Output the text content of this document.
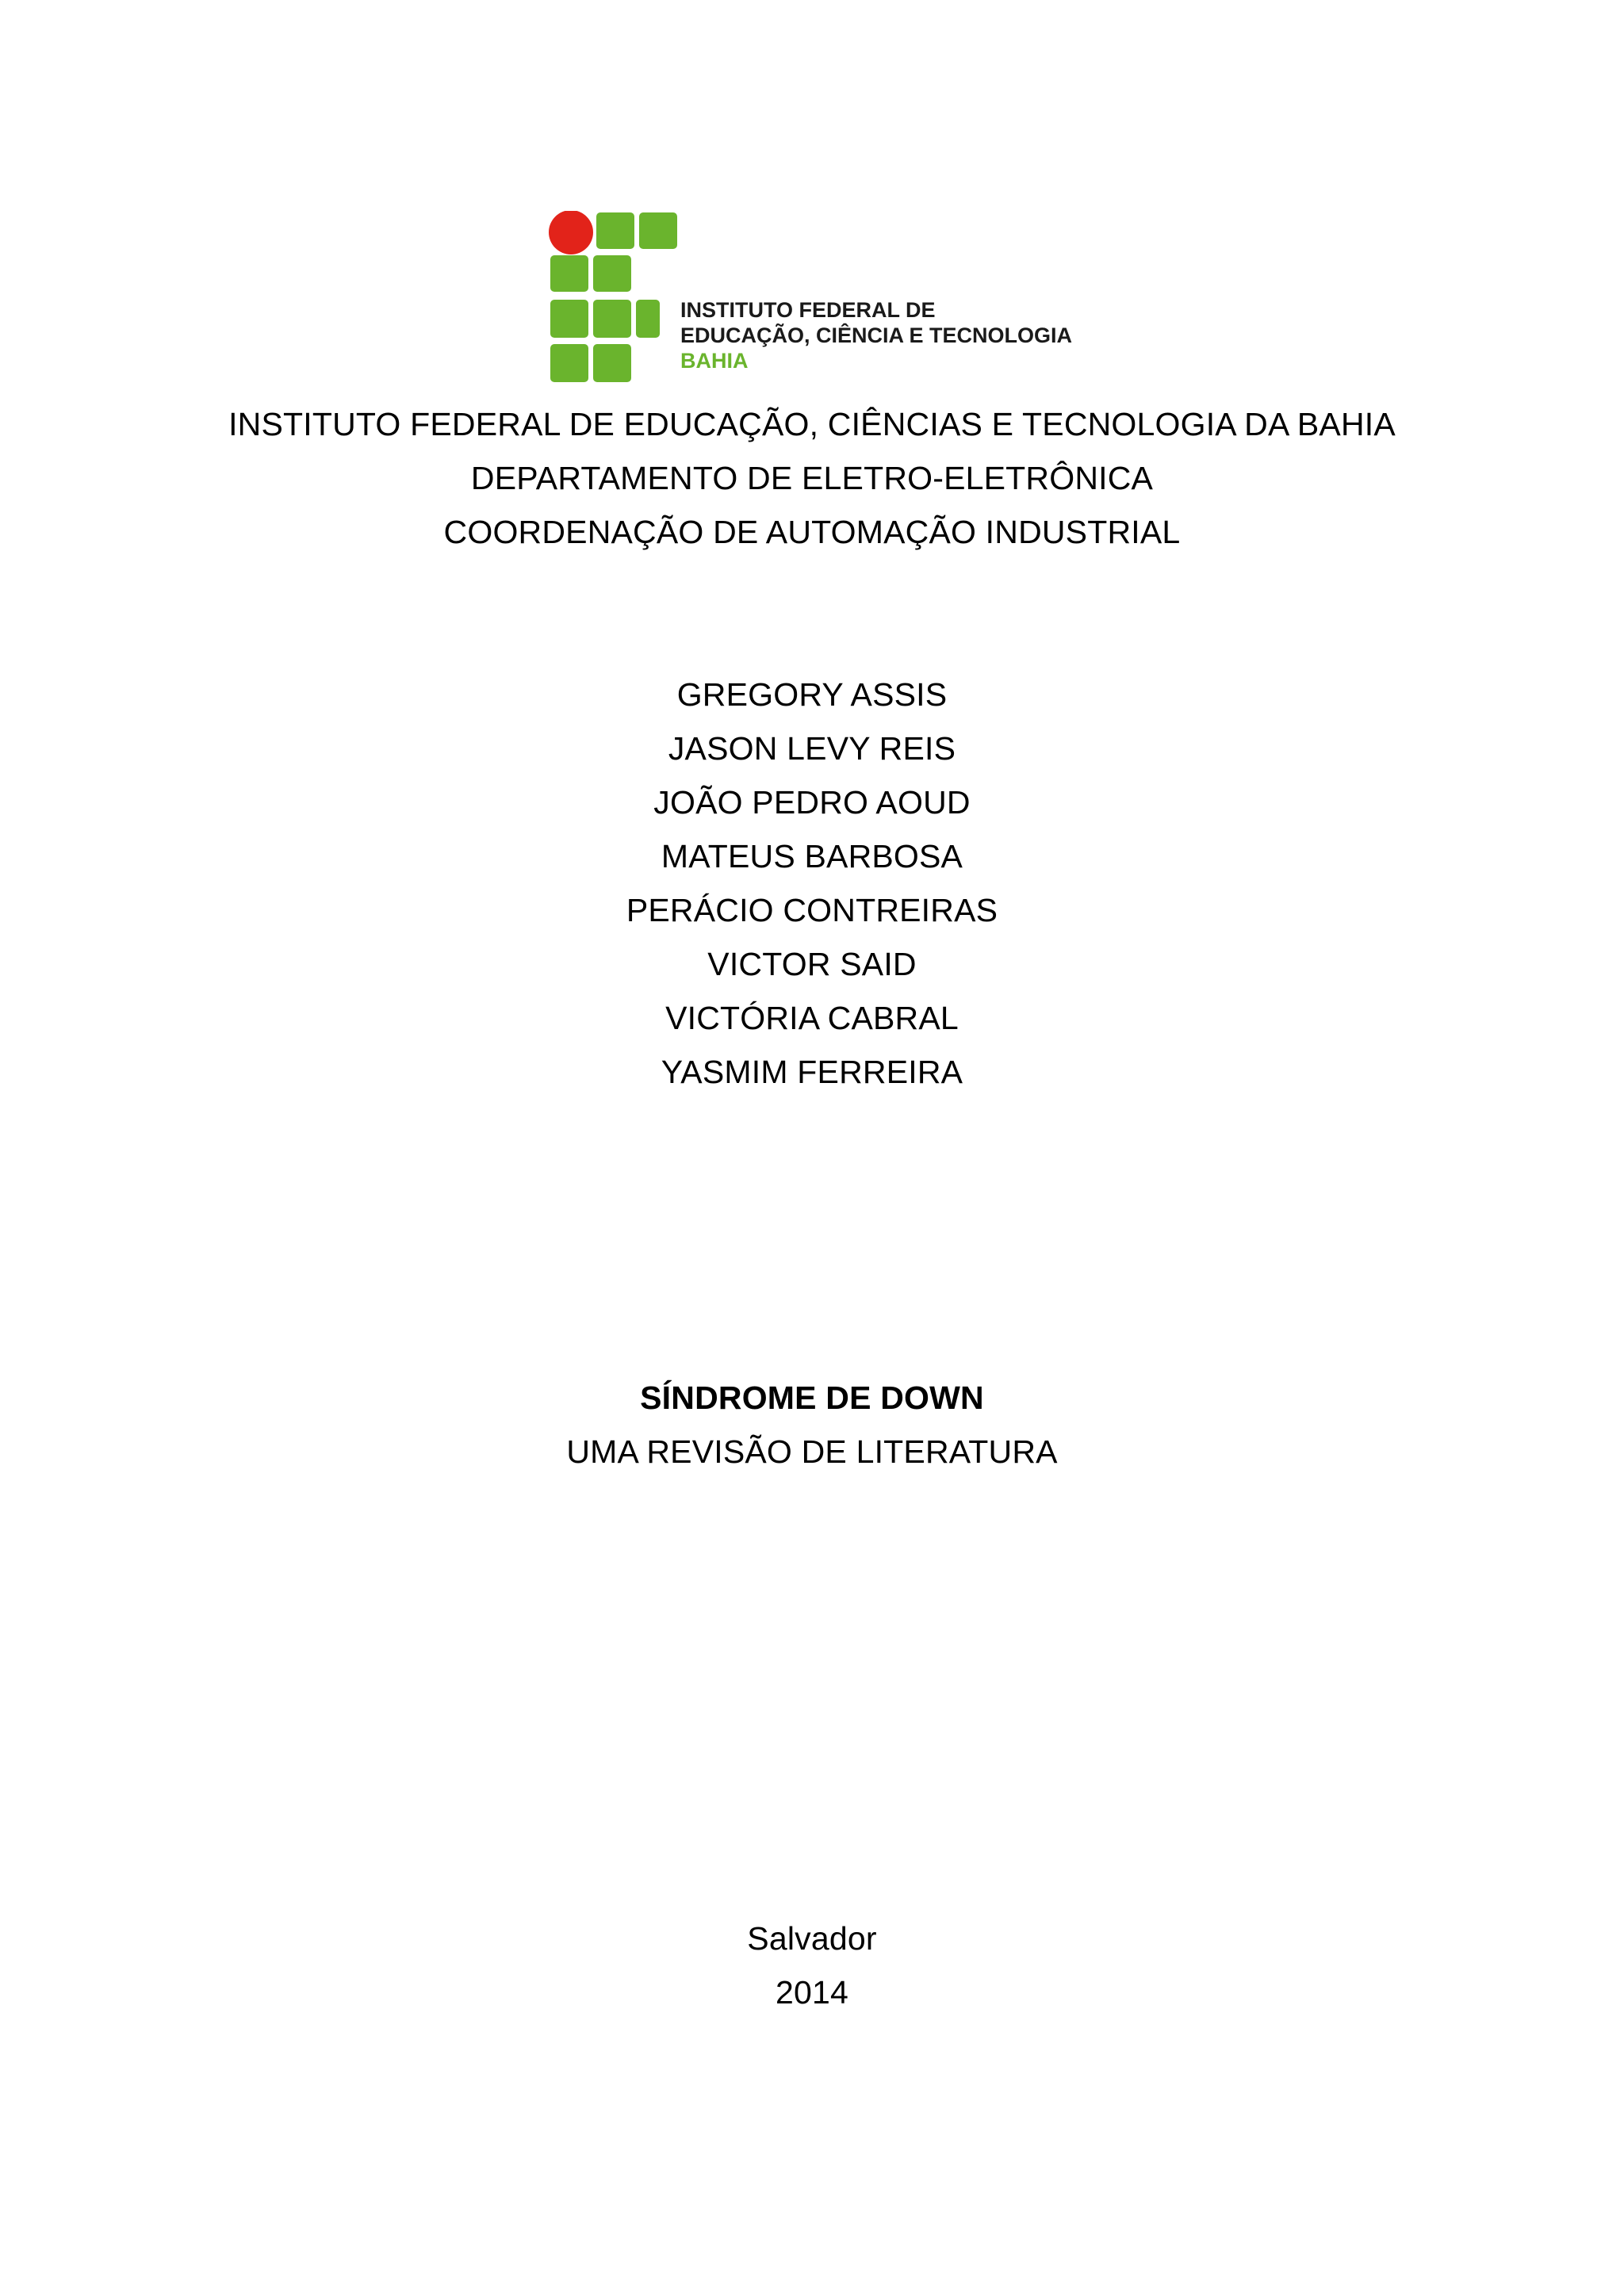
INSTITUTO FEDERAL DE
EDUCAÇÃO, CIÊNCIA E TECNOLOGIA
BAHIA
INSTITUTO FEDERAL DE EDUCAÇÃO, CIÊNCIAS E TECNOLOGIA DA BAHIA
DEPARTAMENTO DE ELETRO-ELETRÔNICA
COORDENAÇÃO DE AUTOMAÇÃO INDUSTRIAL
GREGORY ASSIS
JASON LEVY REIS
JOÃO PEDRO AOUD
MATEUS BARBOSA
PERÁCIO CONTREIRAS
VICTOR SAID
VICTÓRIA CABRAL
YASMIM FERREIRA
SÍNDROME DE DOWN
UMA REVISÃO DE LITERATURA
Salvador
2014
